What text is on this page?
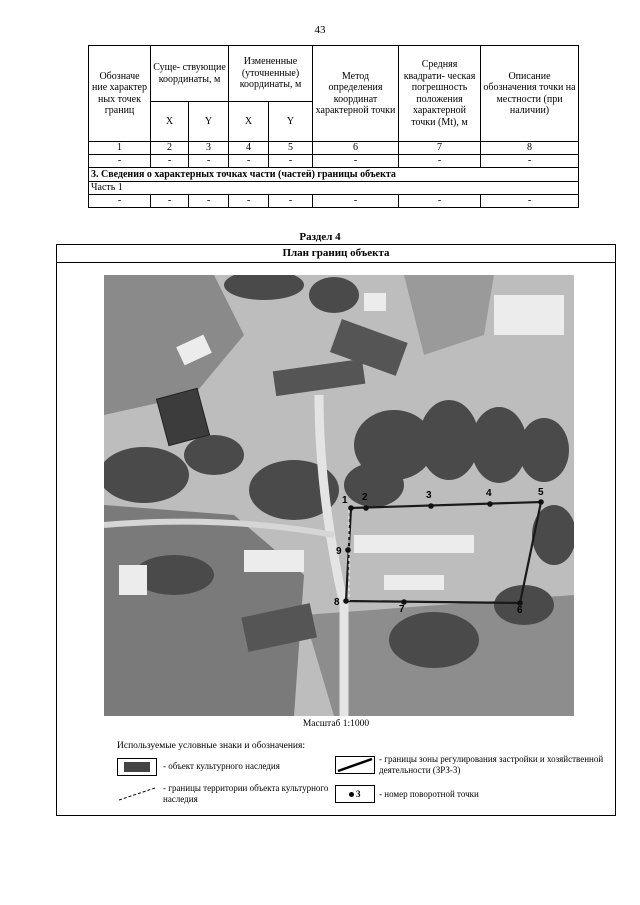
43
Обозначе ние характер ных точек границ	Суще- ствующие координаты, м		Измененные (уточненные) координаты, м		Метод определения координат характерной точки	Средняя квадрати- ческая погрешность положения характерной точки (Mt), м	Описание обозначения точки на местности (при наличии)
	X	Y	X	Y			
1	2	3	4	5	6	7	8
-	-	-	-	-	-	-	-
3. Сведения о характерных точках части (частей) границы объекта							
Часть 1							
-	-	-	-	-	-	-	-
Раздел 4
План границ объекта
1 2	3	4	5
6
7
8
9
Масштаб 1:1000
Используемые условные знаки и обозначения:
- объект культурного наследия
- границы территории объекта культурного наследия
- границы зоны регулирования застройки и хозяйственной деятельности (ЗРЗ-3)
3 - номер поворотной точки
